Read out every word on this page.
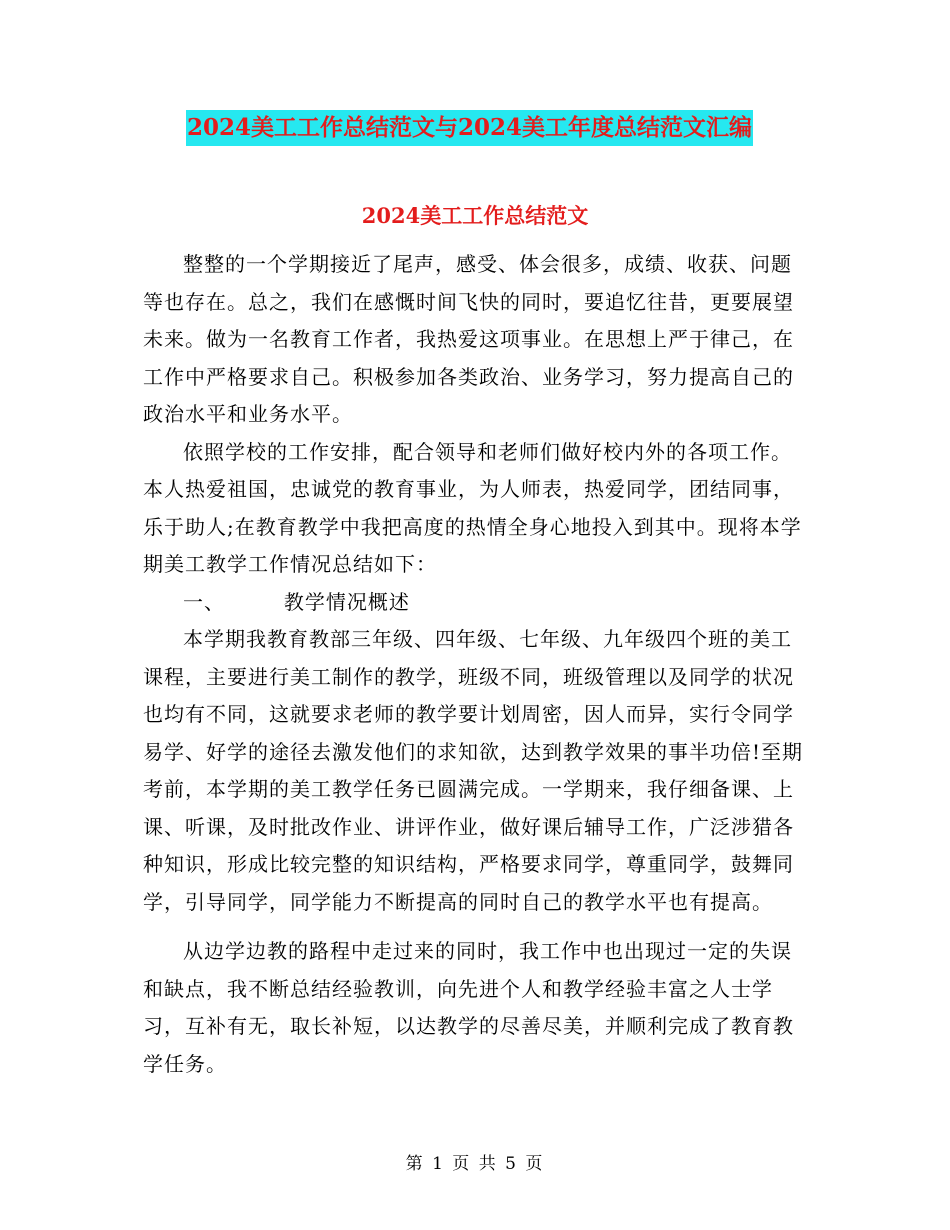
2024美工工作总结范文与2024美工年度总结范文汇编
2024美工工作总结范文

整整的一个学期接近了尾声，感受、体会很多，成绩、收获、问题等也存在。总之，我们在感慨时间飞快的同时，要追忆往昔，更要展望未来。做为一名教育工作者，我热爱这项事业。在思想上严于律己，在工作中严格要求自己。积极参加各类政治、业务学习，努力提高自己的政治水平和业务水平。

依照学校的工作安排，配合领导和老师们做好校内外的各项工作。本人热爱祖国，忠诚党的教育事业，为人师表，热爱同学，团结同事，乐于助人;在教育教学中我把高度的热情全身心地投入到其中。现将本学期美工教学工作情况总结如下：

一、        教学情况概述

本学期我教育教部三年级、四年级、七年级、九年级四个班的美工课程，主要进行美工制作的教学，班级不同，班级管理以及同学的状况也均有不同，这就要求老师的教学要计划周密，因人而异，实行令同学易学、好学的途径去激发他们的求知欲，达到教学效果的事半功倍!至期考前，本学期的美工教学任务已圆满完成。一学期来，我仔细备课、上课、听课，及时批改作业、讲评作业，做好课后辅导工作，广泛涉猎各种知识，形成比较完整的知识结构，严格要求同学，尊重同学，鼓舞同学，引导同学，同学能力不断提高的同时自己的教学水平也有提高。

从边学边教的路程中走过来的同时，我工作中也出现过一定的失误和缺点，我不断总结经验教训，向先进个人和教学经验丰富之人士学习，互补有无，取长补短，以达教学的尽善尽美，并顺利完成了教育教学任务。

第 1 页 共 5 页
